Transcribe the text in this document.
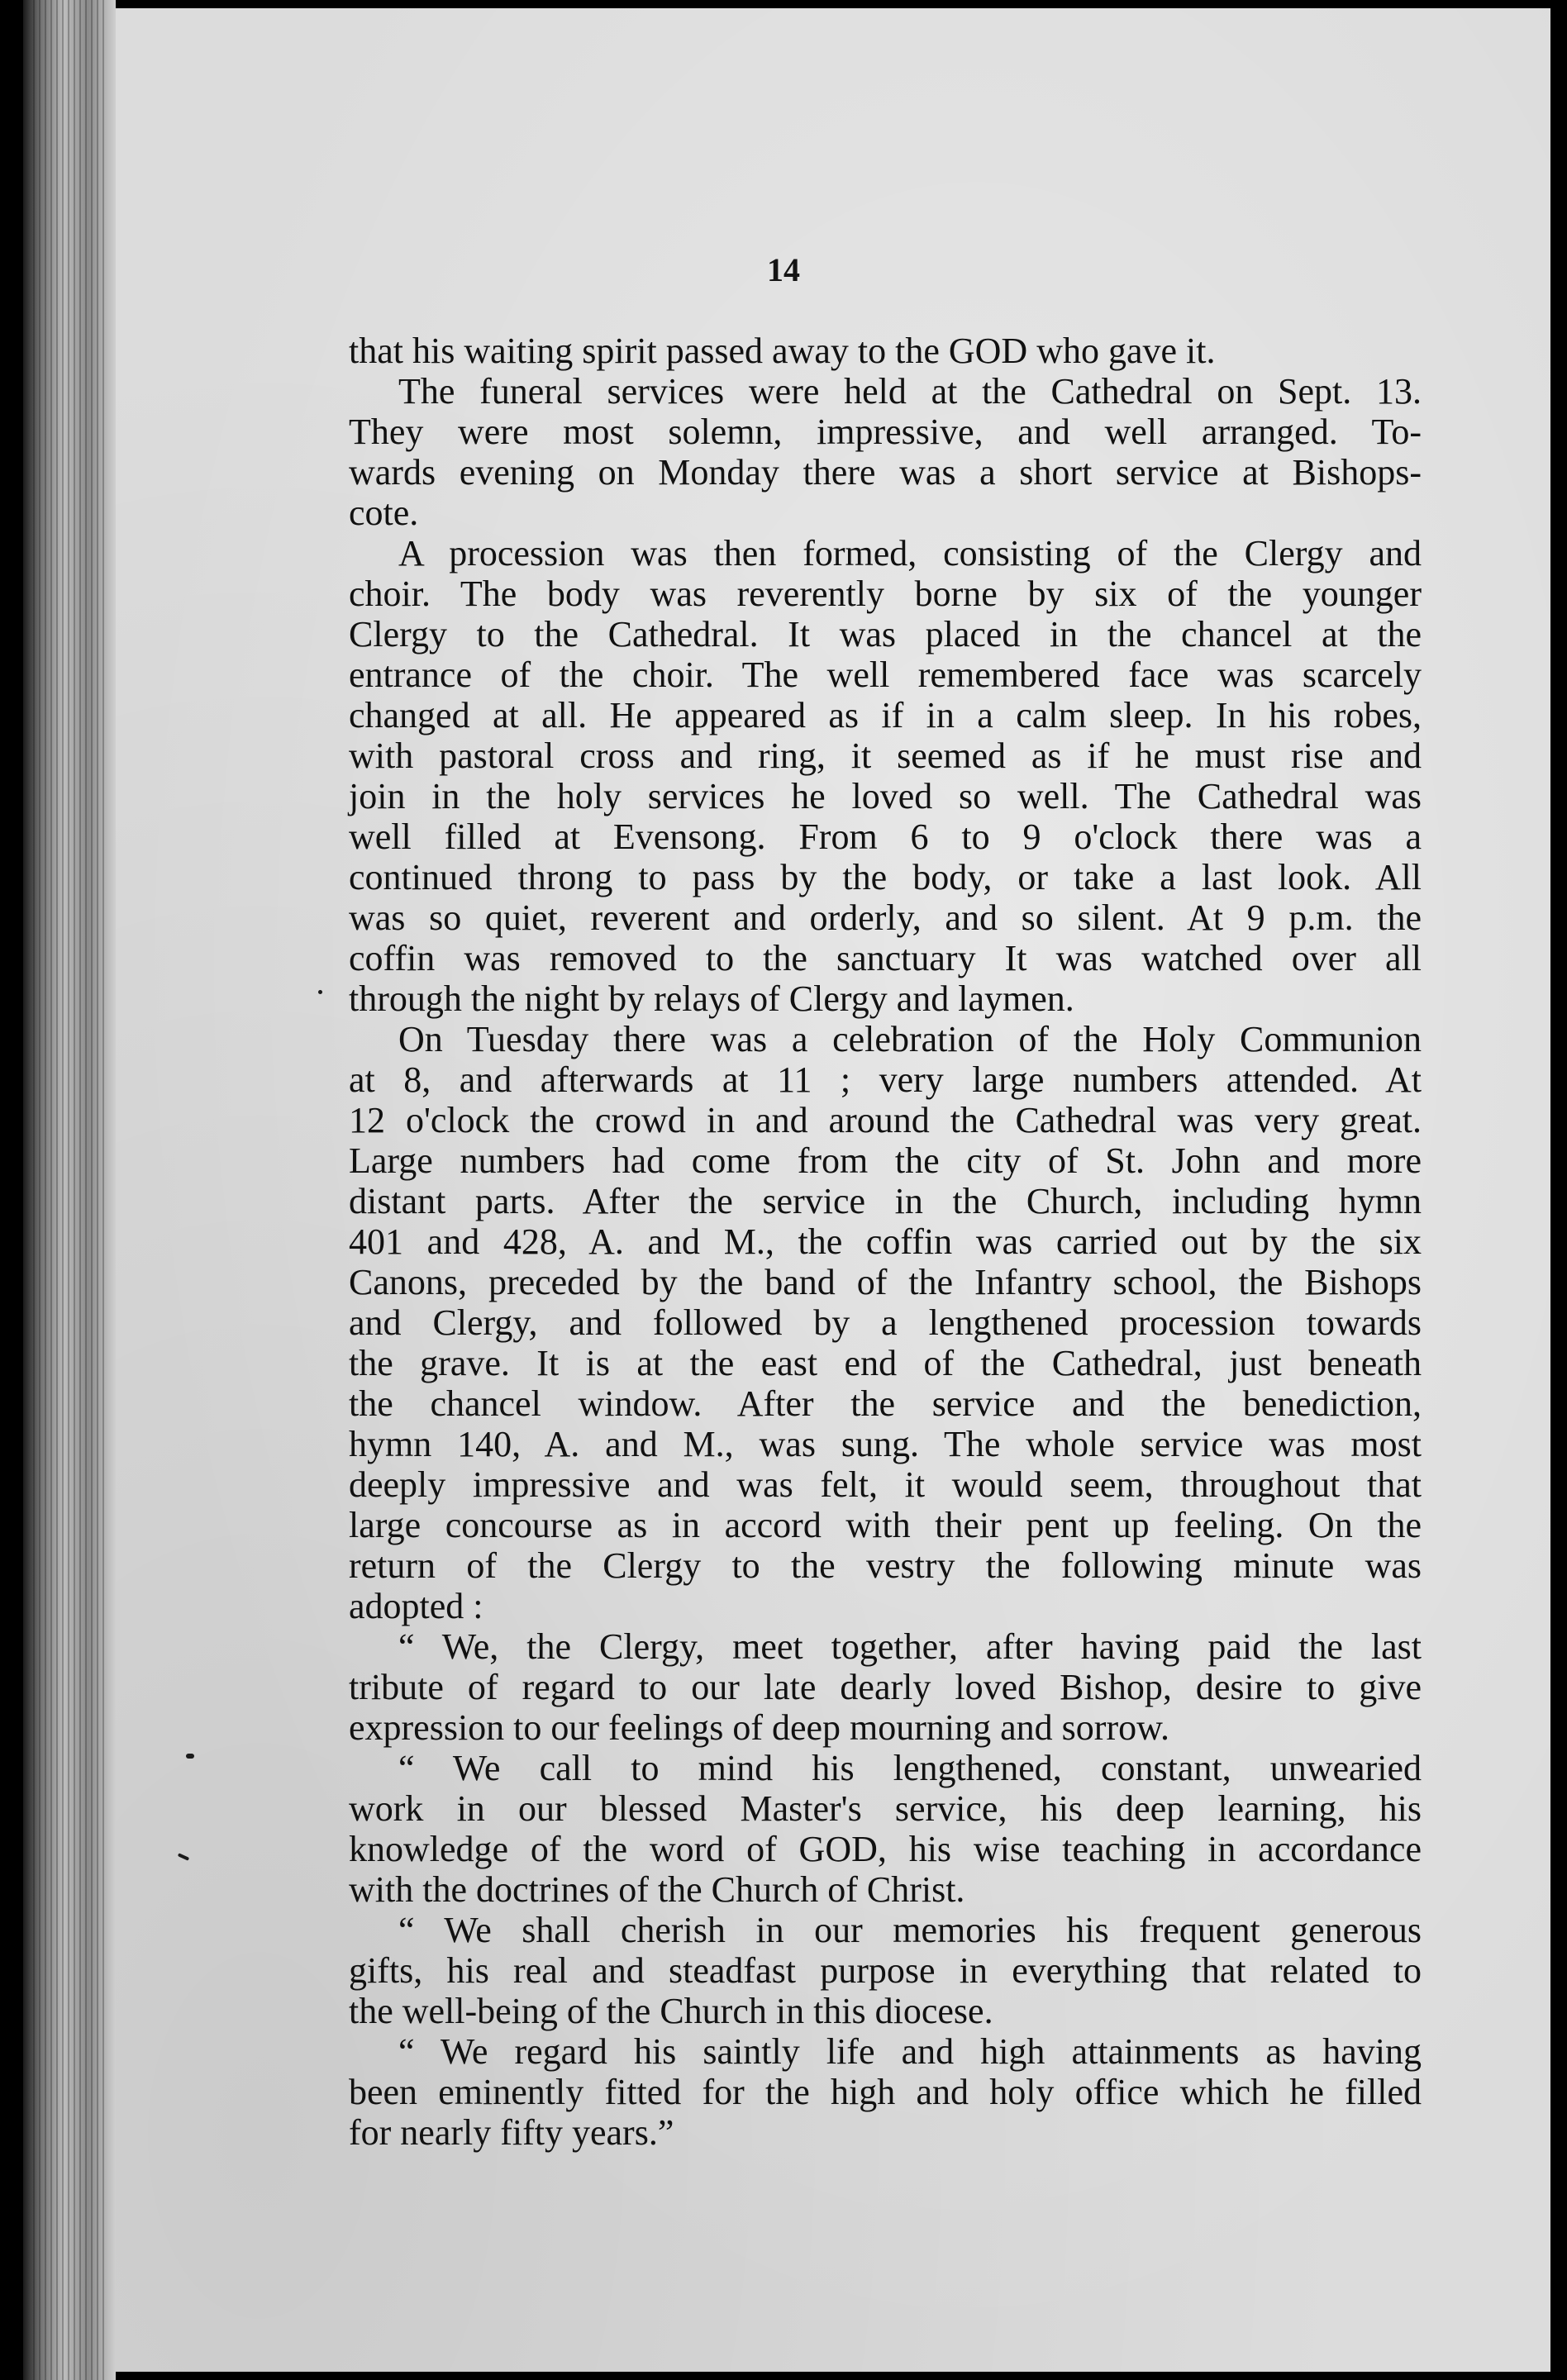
14
that his waiting spirit passed away to the GOD who gave it.
The funeral services were held at the Cathedral on Sept. 13.
They were most solemn, impressive, and well arranged. To-
wards evening on Monday there was a short service at Bishops-
cote.
A procession was then formed, consisting of the Clergy and
choir. The body was reverently borne by six of the younger
Clergy to the Cathedral. It was placed in the chancel at the
entrance of the choir. The well remembered face was scarcely
changed at all. He appeared as if in a calm sleep. In his robes,
with pastoral cross and ring, it seemed as if he must rise and
join in the holy services he loved so well. The Cathedral was
well filled at Evensong. From 6 to 9 o'clock there was a
continued throng to pass by the body, or take a last look. All
was so quiet, reverent and orderly, and so silent. At 9 p.m. the
coffin was removed to the sanctuary It was watched over all
through the night by relays of Clergy and laymen.
On Tuesday there was a celebration of the Holy Communion
at 8, and afterwards at 11 ; very large numbers attended. At
12 o'clock the crowd in and around the Cathedral was very great.
Large numbers had come from the city of St. John and more
distant parts. After the service in the Church, including hymn
401 and 428, A. and M., the coffin was carried out by the six
Canons, preceded by the band of the Infantry school, the Bishops
and Clergy, and followed by a lengthened procession towards
the grave. It is at the east end of the Cathedral, just beneath
the chancel window. After the service and the benediction,
hymn 140, A. and M., was sung. The whole service was most
deeply impressive and was felt, it would seem, throughout that
large concourse as in accord with their pent up feeling. On the
return of the Clergy to the vestry the following minute was
adopted :
“ We, the Clergy, meet together, after having paid the last
tribute of regard to our late dearly loved Bishop, desire to give
expression to our feelings of deep mourning and sorrow.
“ We call to mind his lengthened, constant, unwearied
work in our blessed Master's service, his deep learning, his
knowledge of the word of GOD, his wise teaching in accordance
with the doctrines of the Church of Christ.
“ We shall cherish in our memories his frequent generous
gifts, his real and steadfast purpose in everything that related to
the well-being of the Church in this diocese.
“ We regard his saintly life and high attainments as having
been eminently fitted for the high and holy office which he filled
for nearly fifty years.”
